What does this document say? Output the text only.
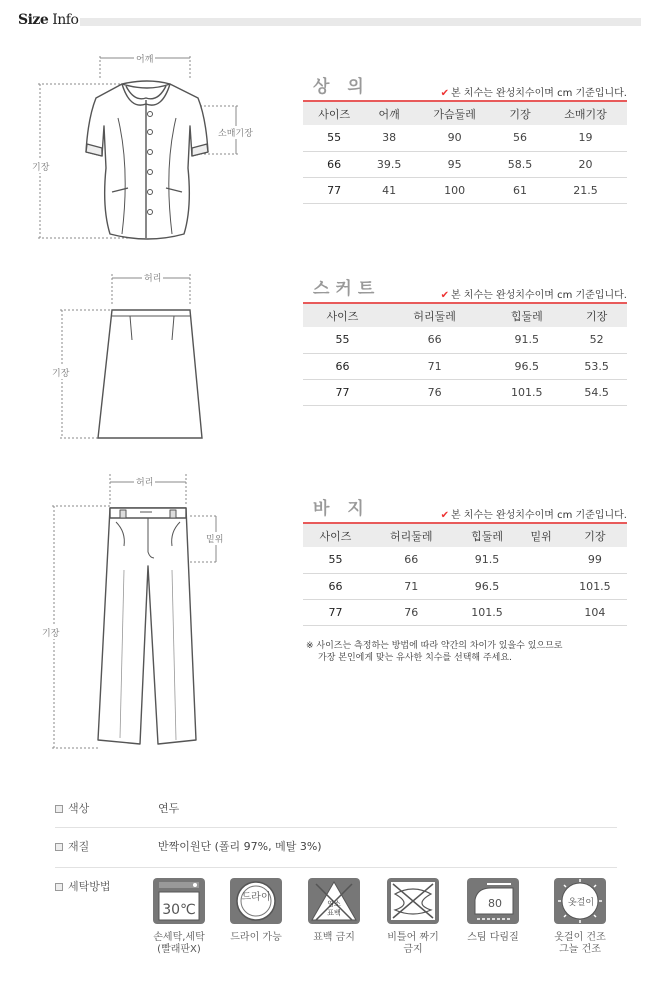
Size Info
어깨
소매기장
기장
허리
기장
허리
밑위
기장
상 의	✔ 본 치수는 완성치수이며 cm 기준입니다.
사이즈	어깨	가슴둘레	기장	소매기장
55	38	90	56	19
66	39.5	95	58.5	20
77	41	100	61	21.5
스커트	✔ 본 치수는 완성치수이며 cm 기준입니다.
사이즈	허리둘레	힙둘레	기장	
55	66	91.5	52	
66	71	96.5	53.5	
77	76	101.5	54.5	
바 지	✔ 본 치수는 완성치수이며 cm 기준입니다.
사이즈	허리둘레	힙둘레	밑위	기장
55	66	91.5		99
66	71	96.5		101.5
77	76	101.5		104
※ 사이즈는 측정하는 방법에 따라 약간의 차이가 있을수 있으므로
가장 본인에게 맞는 유사한 치수를 선택해 주세요.
색상	연두
재질	반짝이원단 (폴리 97%, 메탈 3%)
세탁방법
30℃
손세탁,세탁
(빨래판X)
드라이
드라이 가능
염소
표백
표백 금지	비틀어 짜기
금지
80
스팀 다림질
옷걸이
옷걸이 건조
그늘 건조
